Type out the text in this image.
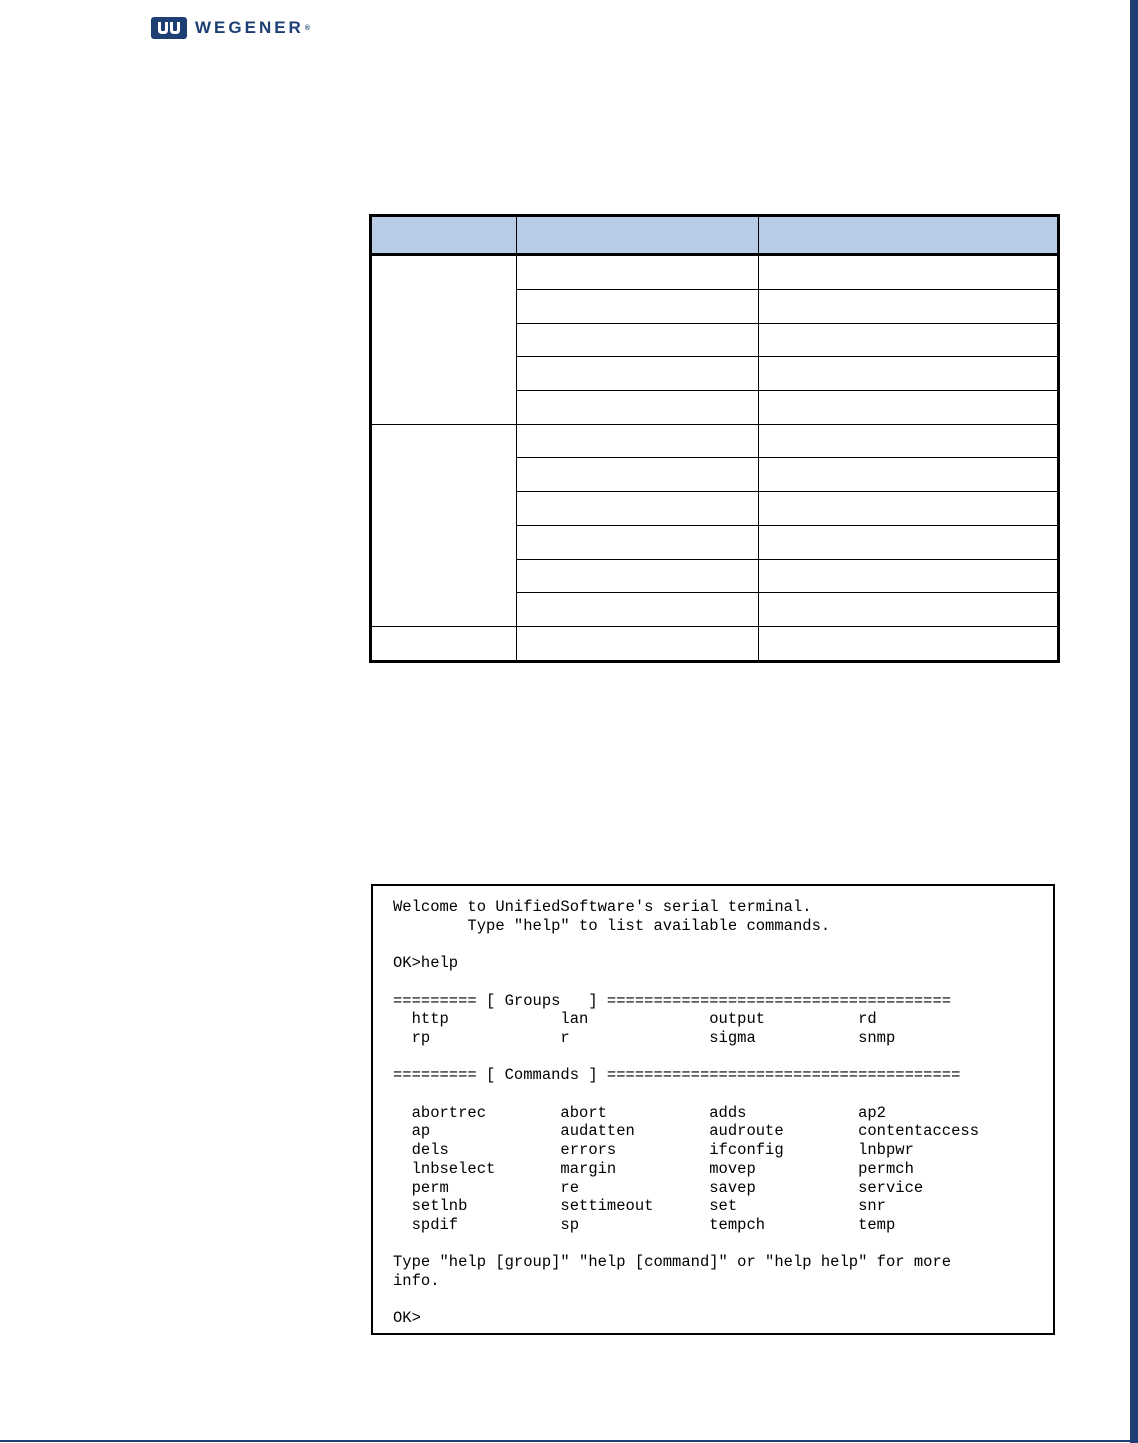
WEGENER ®

Welcome to UnifiedSoftware's serial terminal.
Type "help" to list available commands.

OK>help

========= [ Groups   ] =====================================
http            lan             output          rd
rp              r               sigma           snmp

========= [ Commands ] ======================================

abortrec        abort           adds            ap2
ap              audatten        audroute        contentaccess
dels            errors          ifconfig        lnbpwr
lnbselect       margin          movep           permch
perm            re              savep           service
setlnb          settimeout      set             snr
spdif           sp              tempch          temp

Type "help [group]" "help [command]" or "help help" for more
info.

OK>
